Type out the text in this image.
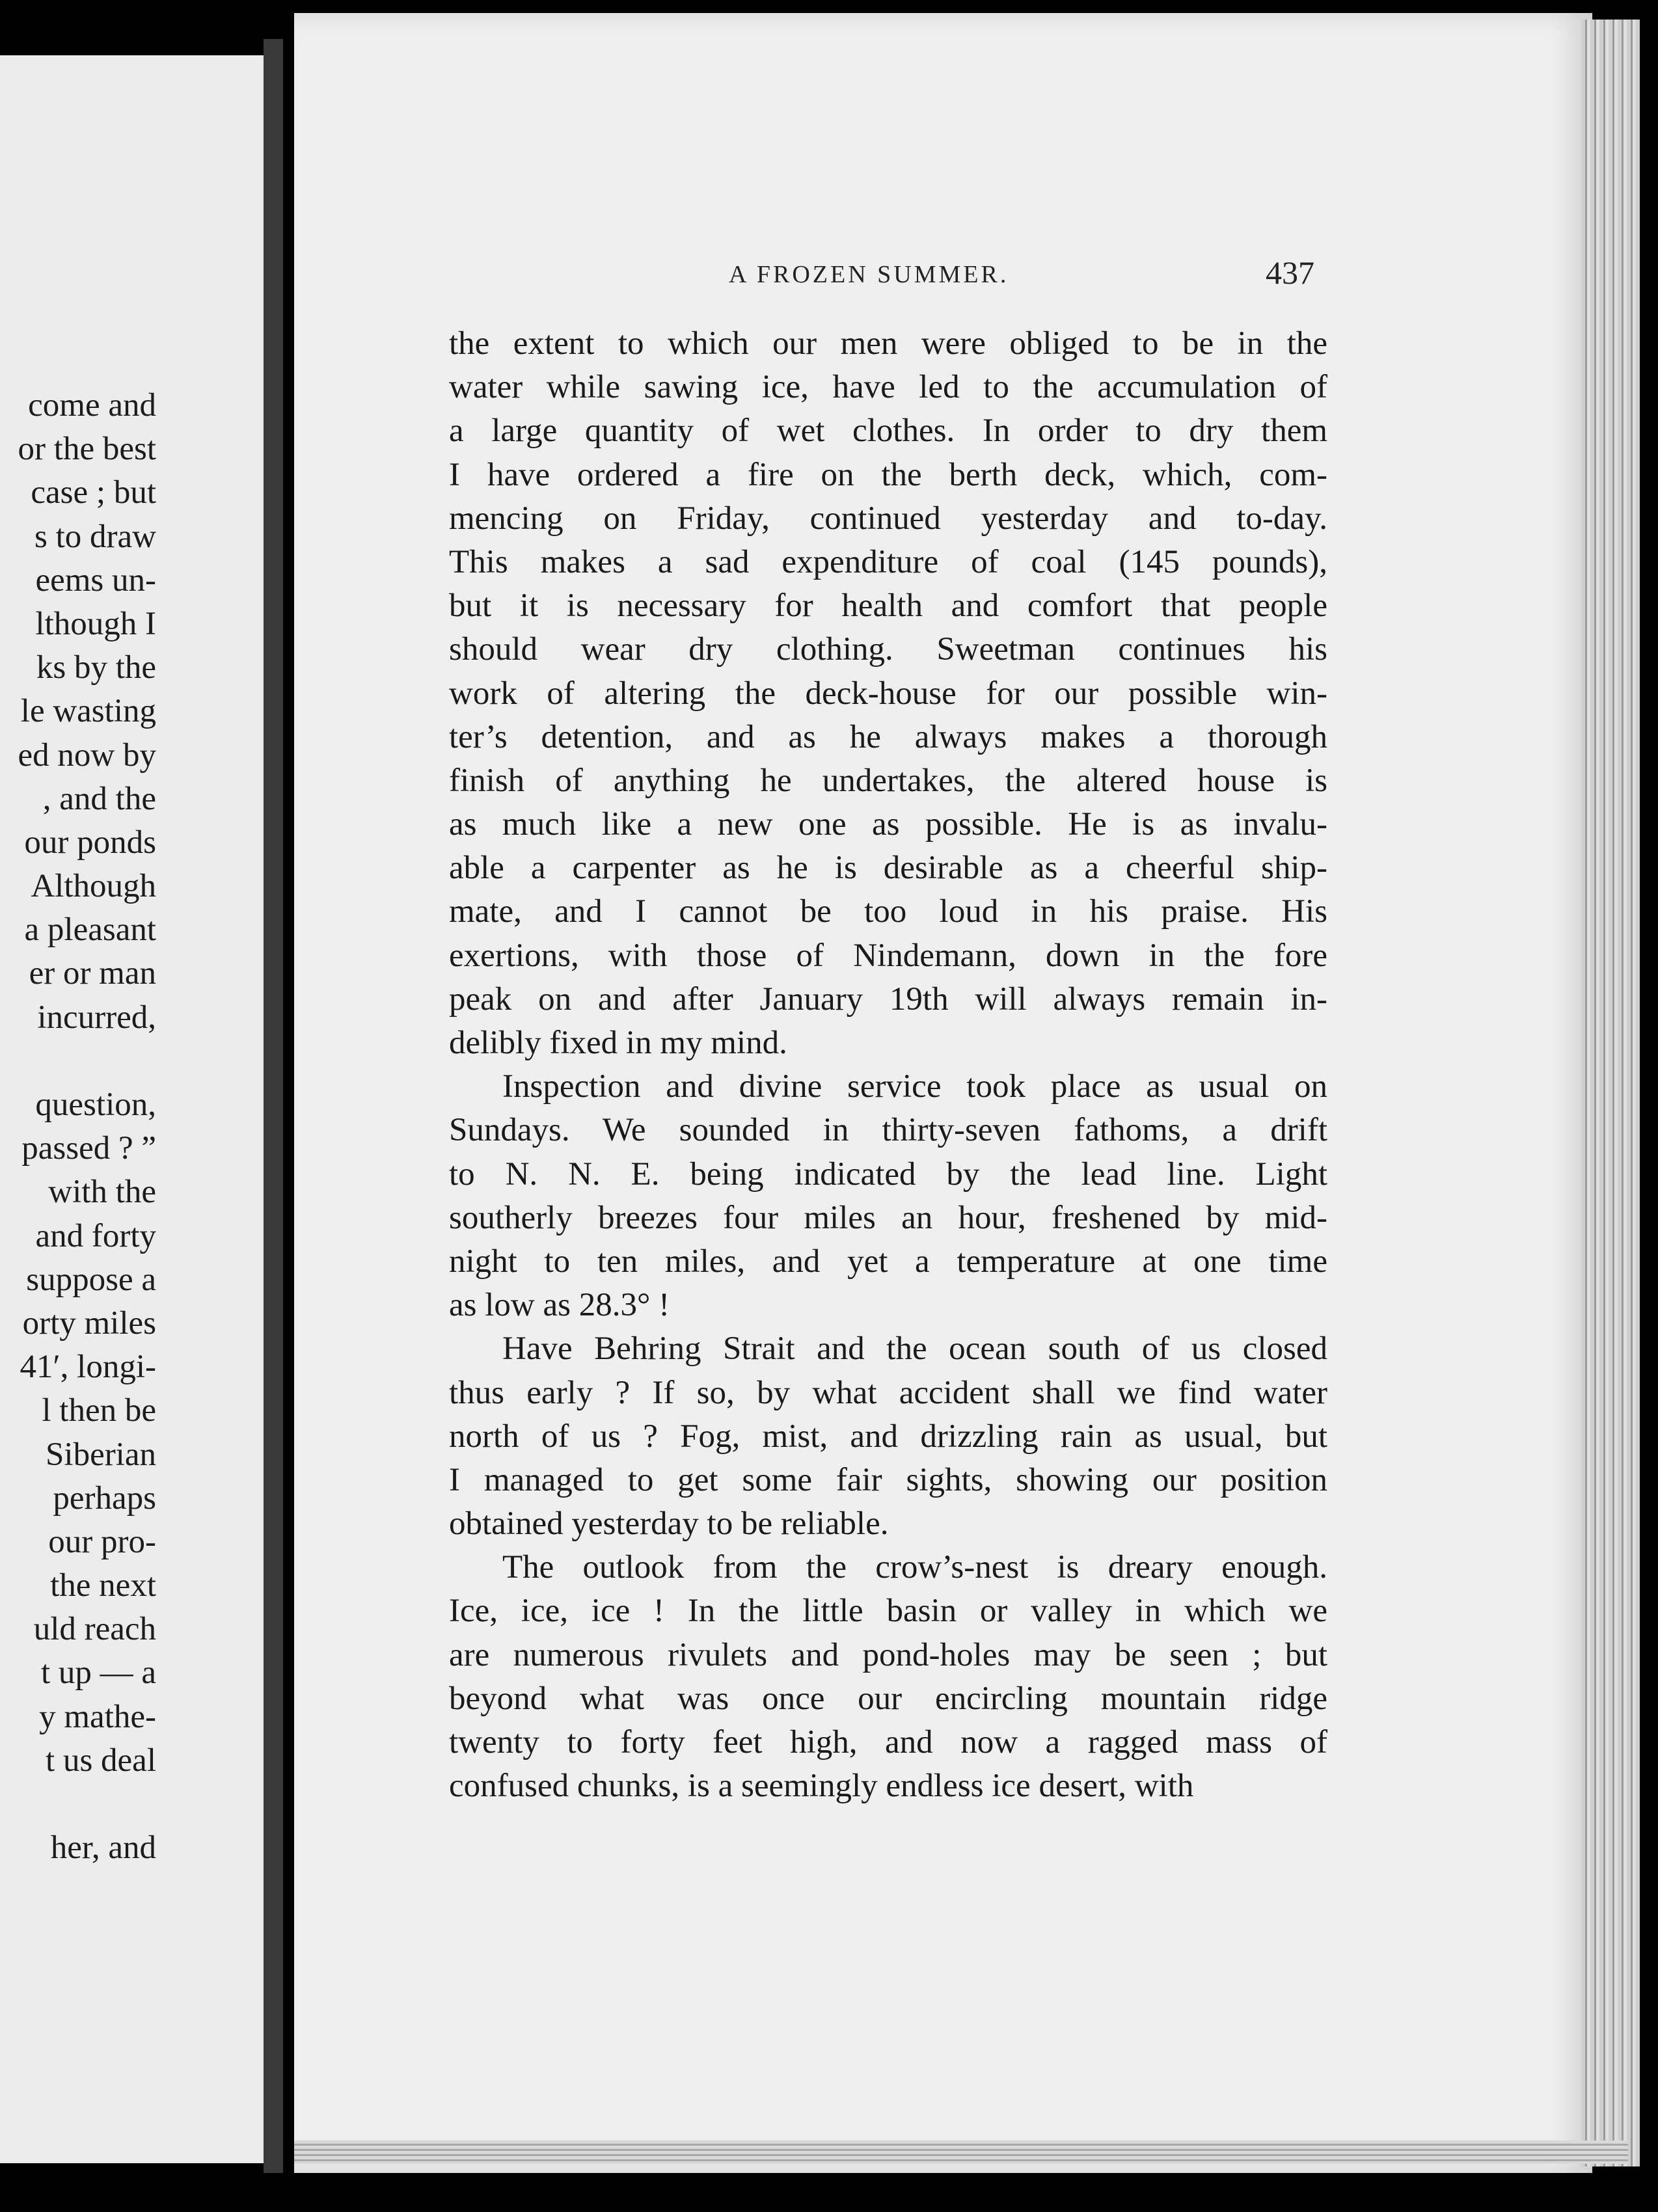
come and
or the best
case ; but
s to draw
eems un-
lthough I
ks by the
le wasting
ed now by
, and the
our ponds
Although
a pleasant
er or man
incurred,
question,
passed ? ”
with the
and forty
suppose a
orty miles
41′, longi-
l then be
Siberian
perhaps
our pro-
the next
uld reach
t up — a
y mathe-
t us deal
her, and
A FROZEN SUMMER.	437
the extent to which our men were obliged to be in the
water while sawing ice, have led to the accumulation of
a large quantity of wet clothes. In order to dry them
I have ordered a fire on the berth deck, which, com-
mencing on Friday, continued yesterday and to-day.
This makes a sad expenditure of coal (145 pounds),
but it is necessary for health and comfort that people
should wear dry clothing. Sweetman continues his
work of altering the deck-house for our possible win-
ter’s detention, and as he always makes a thorough
finish of anything he undertakes, the altered house is
as much like a new one as possible. He is as invalu-
able a carpenter as he is desirable as a cheerful ship-
mate, and I cannot be too loud in his praise. His
exertions, with those of Nindemann, down in the fore
peak on and after January 19th will always remain in-
delibly fixed in my mind.
Inspection and divine service took place as usual on
Sundays. We sounded in thirty-seven fathoms, a drift
to N. N. E. being indicated by the lead line. Light
southerly breezes four miles an hour, freshened by mid-
night to ten miles, and yet a temperature at one time
as low as 28.3° !
Have Behring Strait and the ocean south of us closed
thus early ? If so, by what accident shall we find water
north of us ? Fog, mist, and drizzling rain as usual, but
I managed to get some fair sights, showing our position
obtained yesterday to be reliable.
The outlook from the crow’s-nest is dreary enough.
Ice, ice, ice ! In the little basin or valley in which we
are numerous rivulets and pond-holes may be seen ; but
beyond what was once our encircling mountain ridge
twenty to forty feet high, and now a ragged mass of
confused chunks, is a seemingly endless ice desert, with
